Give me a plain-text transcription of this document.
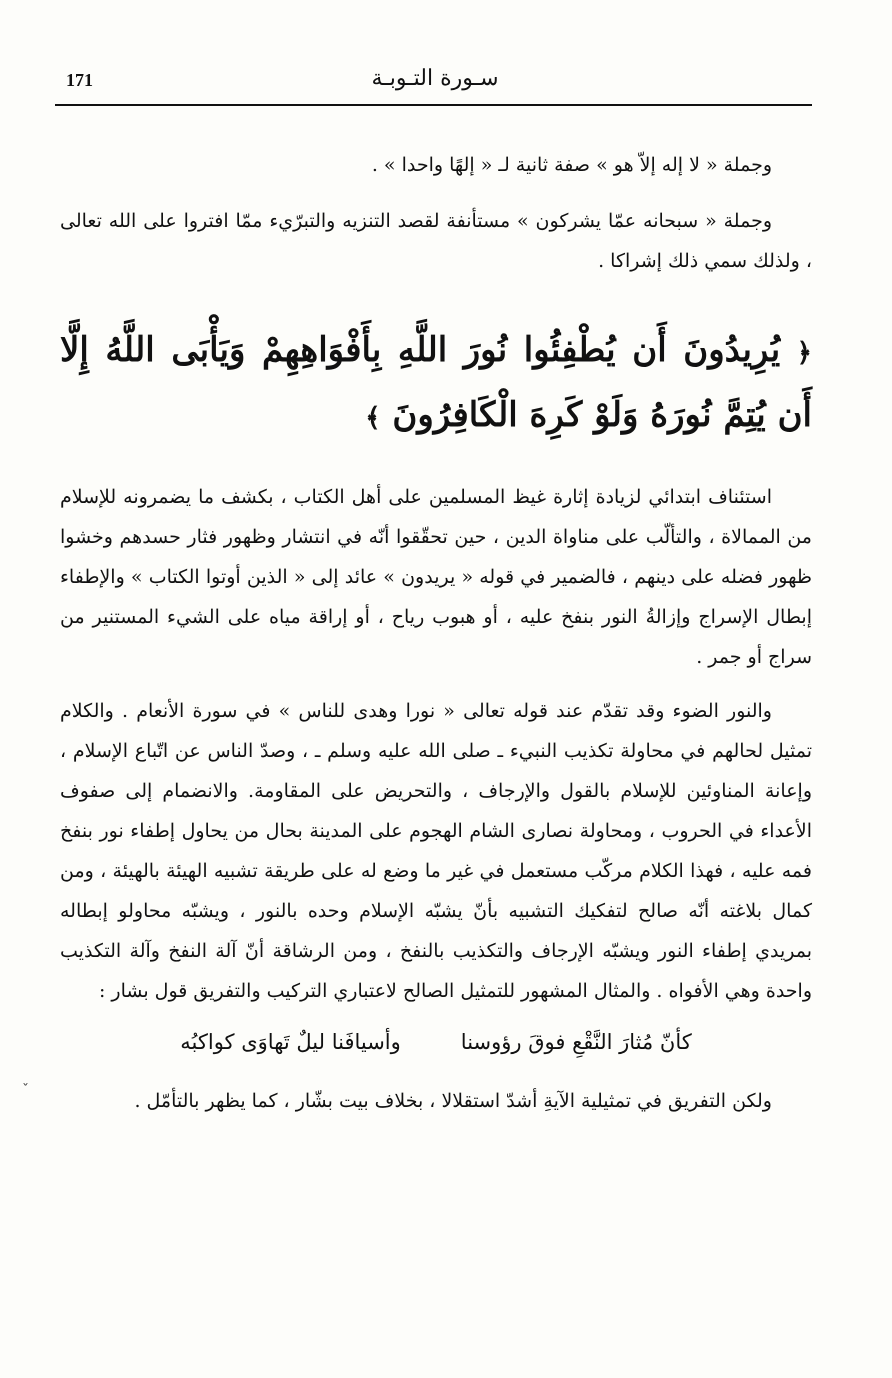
171	سـورة التـوبـة

وجملة « لا إله إلاّ هو » صفة ثانية لـ « إلهًا واحدا » .

وجملة « سبحانه عمّا يشركون » مستأنفة لقصد التنزيه والتبرّيء ممّا افتروا على الله تعالى ، ولذلك سمي ذلك إشراكا .

﴿ يُرِيدُونَ أَن يُطْفِئُوا نُورَ اللَّهِ بِأَفْوَاهِهِمْ وَيَأْبَى اللَّهُ إِلَّا أَن يُتِمَّ نُورَهُ وَلَوْ كَرِهَ الْكَافِرُونَ ﴾

استئناف ابتدائي لزيادة إثارة غيظ المسلمين على أهل الكتاب ، بكشف ما يضمرونه للإسلام من الممالاة ، والتألّب على مناواة الدين ، حين تحقّقوا أنّه في انتشار وظهور فثار حسدهم وخشوا ظهور فضله على دينهم ، فالضمير في قوله « يريدون » عائد إلى « الذين أوتوا الكتاب » والإطفاء إبطال الإسراج وإزالةُ النور بنفخ عليه ، أو هبوب رياح ، أو إراقة مياه على الشيء المستنير من سراج أو جمر .

والنور الضوء وقد تقدّم عند قوله تعالى « نورا وهدى للناس » في سورة الأنعام . والكلام تمثيل لحالهم في محاولة تكذيب النبيء ـ صلى الله عليه وسلم ـ ، وصدّ الناس عن اتّباع الإسلام ، وإعانة المناوئين للإسلام بالقول والإرجاف ، والتحريض على المقاومة. والانضمام إلى صفوف الأعداء في الحروب ، ومحاولة نصارى الشام الهجوم على المدينة بحال من يحاول إطفاء نور بنفخ فمه عليه ، فهذا الكلام مركّب مستعمل في غير ما وضع له على طريقة تشبيه الهيئة بالهيئة ، ومن كمال بلاغته أنّه صالح لتفكيك التشبيه بأنّ يشبّه الإسلام وحده بالنور ، ويشبّه محاولو إبطاله بمريدي إطفاء النور ويشبّه الإرجاف والتكذيب بالنفخ ، ومن الرشاقة أنّ آلة النفخ وآلة التكذيب واحدة وهي الأفواه . والمثال المشهور للتمثيل الصالح لاعتباري التركيب والتفريق قول بشار :

كأنّ مُثارَ النَّقْعِ فوقَ رؤوسنا
وأسيافَنا ليلٌ تَهاوَى كواكبُه

ولكن التفريق في تمثيلية الآيةِ أشدّ استقلالا ، بخلاف بيت بشّار ، كما يظهر بالتأمّل .

ˇ
